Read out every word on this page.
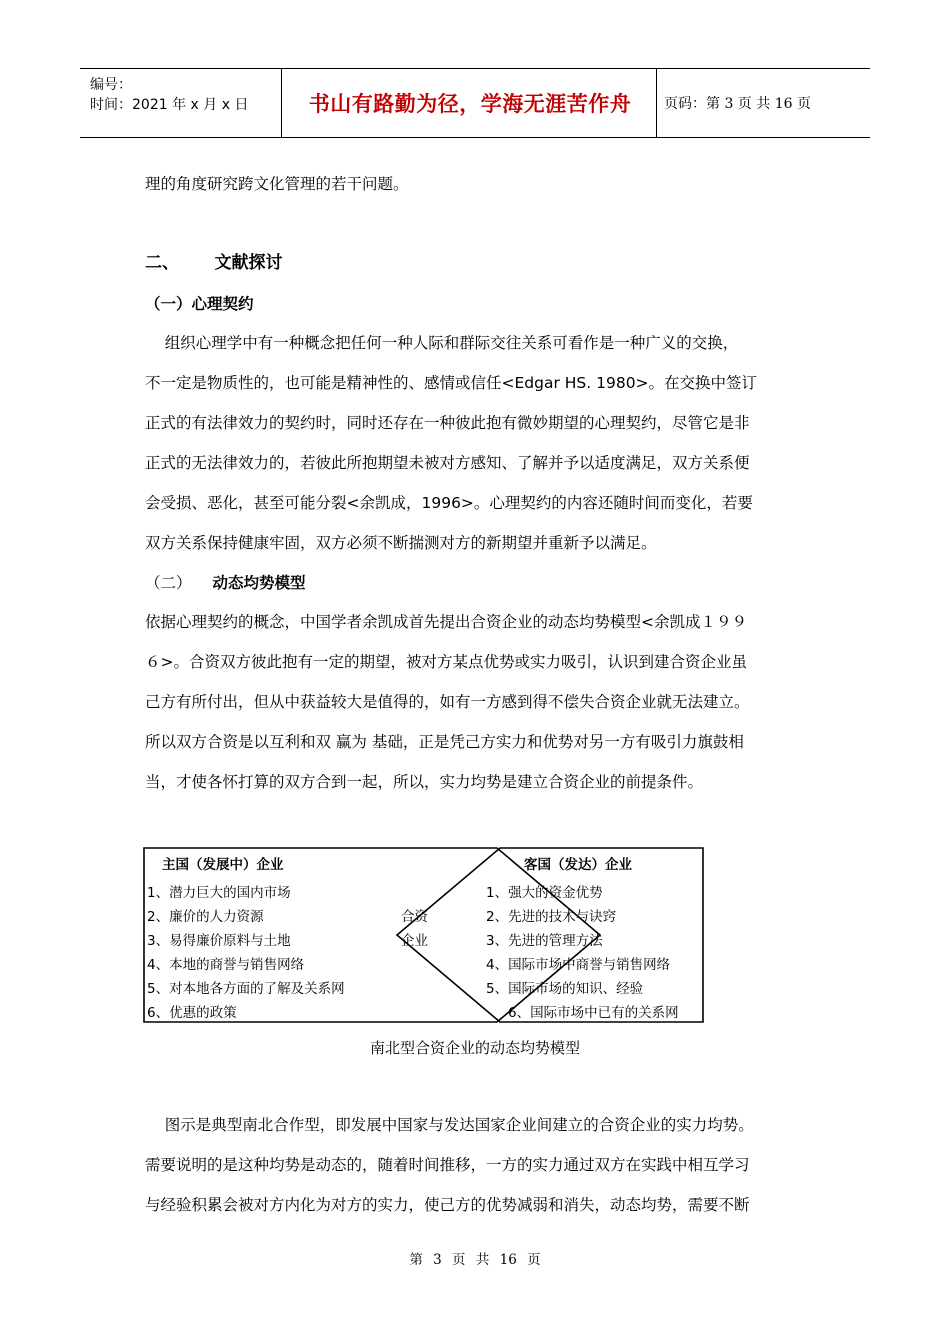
编号：
时间：2021 年 x 月 x 日	书山有路勤为径，学海无涯苦作舟	页码：第 3 页 共 16 页
理的角度研究跨文化管理的若干问题。
二、      文献探讨
（一）心理契约
组织心理学中有一种概念把任何一种人际和群际交往关系可看作是一种广义的交换，
不一定是物质性的，也可能是精神性的、感情或信任<Edgar HS. 1980>。在交换中签订
正式的有法律效力的契约时，同时还存在一种彼此抱有微妙期望的心理契约，尽管它是非
正式的无法律效力的，若彼此所抱期望未被对方感知、了解并予以适度满足，双方关系便
会受损、恶化，甚至可能分裂<余凯成，1996>。心理契约的内容还随时间而变化，若要
双方关系保持健康牢固，双方必须不断揣测对方的新期望并重新予以满足。
（二） 动态均势模型
依据心理契约的概念，中国学者余凯成首先提出合资企业的动态均势模型<余凯成１９９
６>。合资双方彼此抱有一定的期望，被对方某点优势或实力吸引，认识到建合资企业虽
己方有所付出，但从中获益较大是值得的，如有一方感到得不偿失合资企业就无法建立。
所以双方合资是以互利和双 赢为 基础，正是凭己方实力和优势对另一方有吸引力旗鼓相
当，才使各怀打算的双方合到一起，所以，实力均势是建立合资企业的前提条件。
主国（发展中）企业
1、潜力巨大的国内市场
2、廉价的人力资源
3、易得廉价原料与土地
4、本地的商誉与销售网络
5、对本地各方面的了解及关系网
6、优惠的政策
合资
企业
客国（发达）企业
1、强大的资金优势
2、先进的技术与诀窍
3、先进的管理方法
4、国际市场中商誉与销售网络
5、国际市场的知识、经验
6、国际市场中已有的关系网
南北型合资企业的动态均势模型
图示是典型南北合作型，即发展中国家与发达国家企业间建立的合资企业的实力均势。
需要说明的是这种均势是动态的，随着时间推移，一方的实力通过双方在实践中相互学习
与经验积累会被对方内化为对方的实力，使己方的优势减弱和消失，动态均势，需要不断
第 3 页 共 16 页
